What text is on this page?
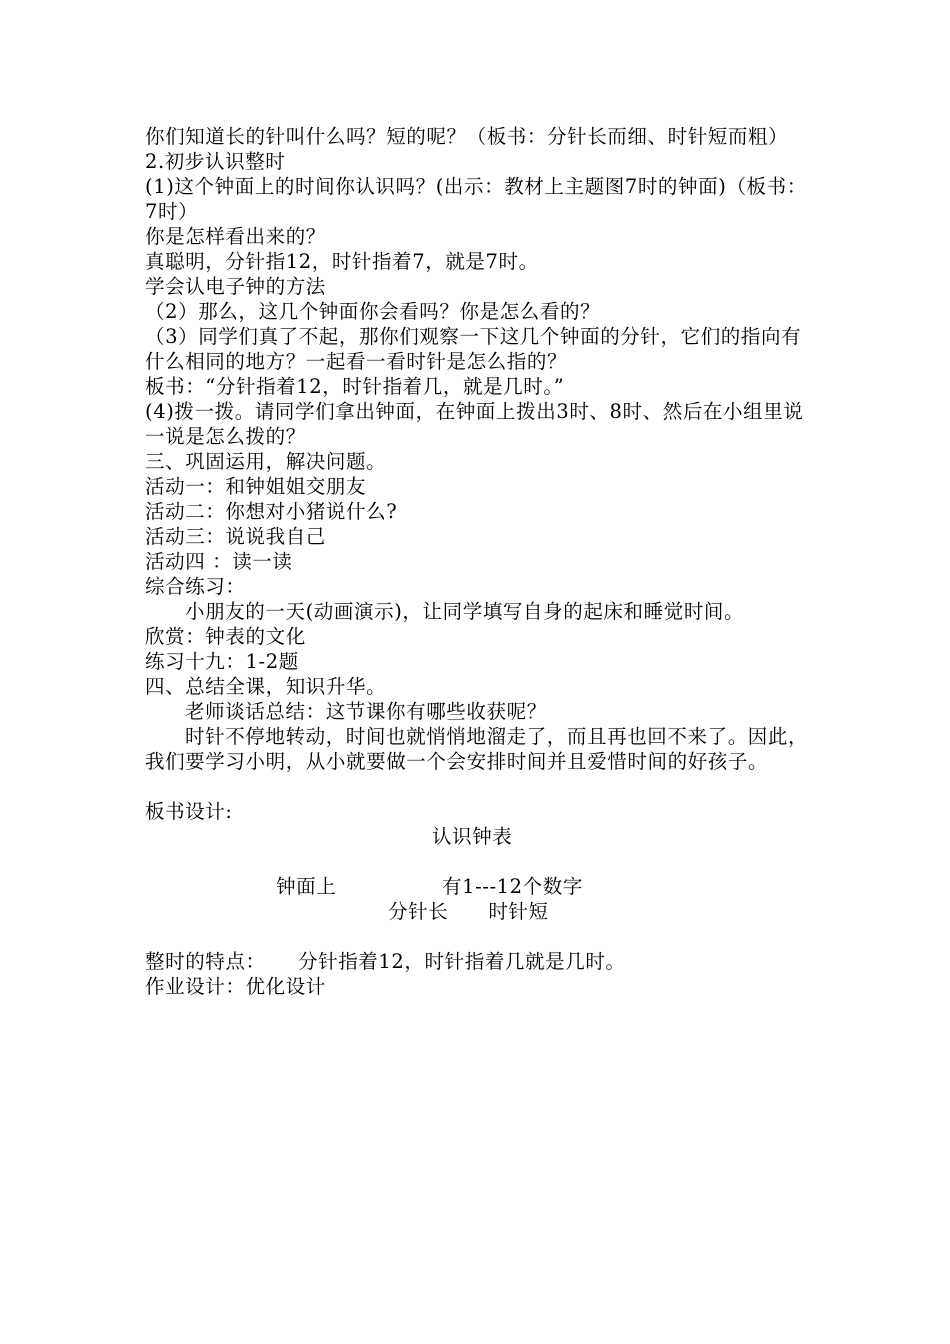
你们知道长的针叫什么吗？短的呢？（板书：分针长而细、时针短而粗）
2.初步认识整时
(1)这个钟面上的时间你认识吗？(出示：教材上主题图7时的钟面)（板书：7时）
你是怎样看出来的？
真聪明，分针指12，时针指着7，就是7时。
学会认电子钟的方法
（2）那么，这几个钟面你会看吗？你是怎么看的？
（3）同学们真了不起，那你们观察一下这几个钟面的分针，它们的指向有什么相同的地方？一起看一看时针是怎么指的？
板书：“分针指着12，时针指着几，就是几时。”
(4)拨一拨。请同学们拿出钟面，在钟面上拨出3时、8时、然后在小组里说一说是怎么拨的？
三、巩固运用，解决问题。
活动一：和钟姐姐交朋友
活动二：你想对小猪说什么?
活动三：说说我自己
活动四 ：读一读
综合练习：
小朋友的一天(动画演示)，让同学填写自身的起床和睡觉时间。
欣赏：钟表的文化
练习十九：1-2题
四、总结全课，知识升华。
老师谈话总结：这节课你有哪些收获呢？
时针不停地转动，时间也就悄悄地溜走了，而且再也回不来了。因此，我们要学习小明，从小就要做一个会安排时间并且爱惜时间的好孩子。
板书设计:
认识钟表
钟面上	有1---12个数字
分针长 时针短
整时的特点： 分针指着12，时针指着几就是几时。
作业设计：优化设计
